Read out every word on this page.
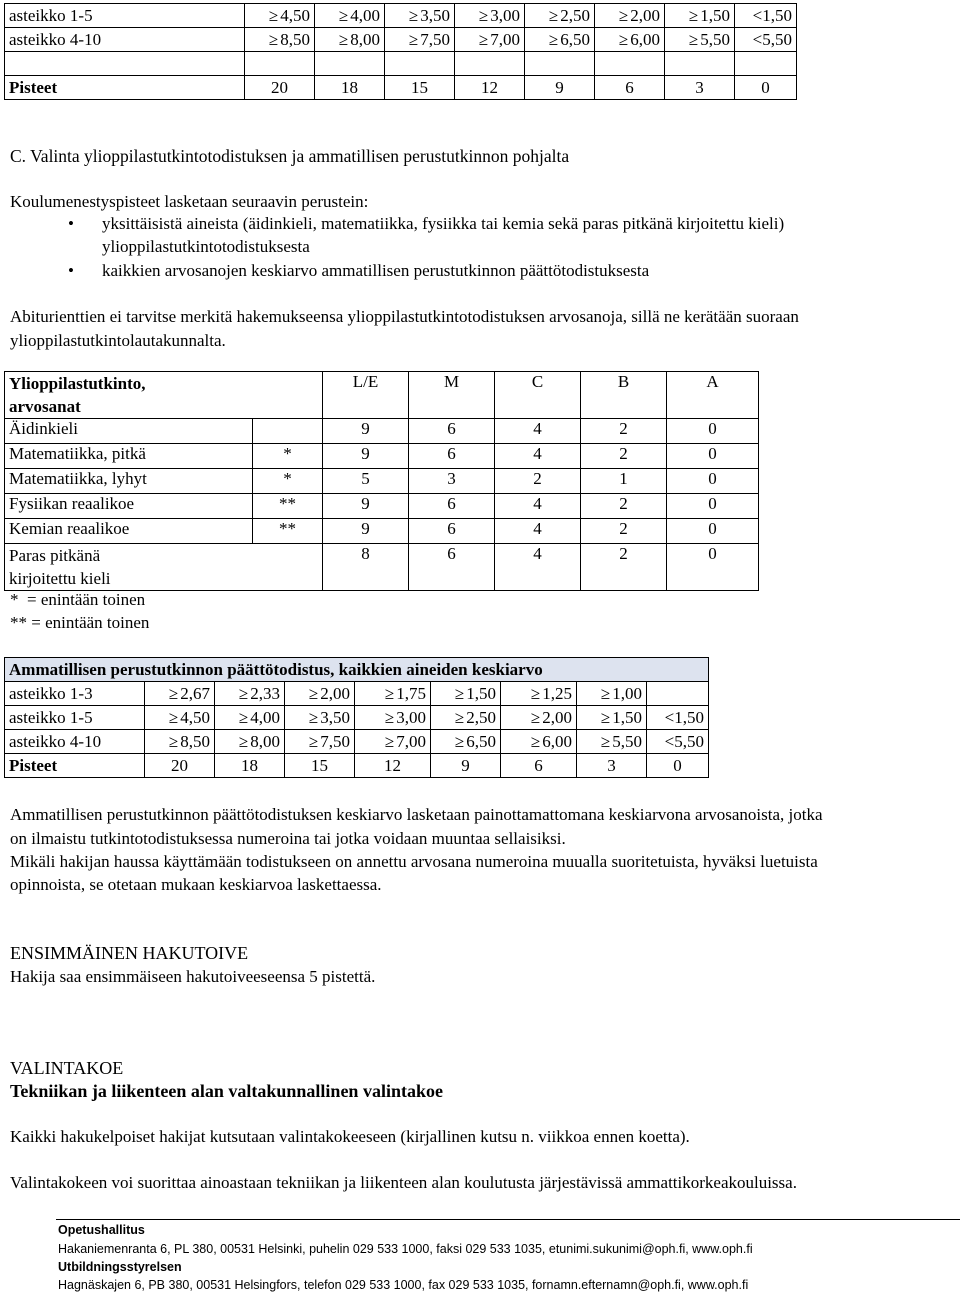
asteikko 1-5	≥ 4,50	≥ 4,00	≥ 3,50	≥ 3,00	≥ 2,50	≥ 2,00	≥ 1,50	<1,50
asteikko 4-10	≥ 8,50	≥ 8,00	≥ 7,50	≥ 7,00	≥ 6,50	≥ 6,00	≥ 5,50	<5,50

Pisteet	20	18	15	12	9	6	3	0
C. Valinta ylioppilastutkintotodistuksen ja ammatillisen perustutkinnon pohjalta
Koulumenestyspisteet lasketaan seuraavin perustein:
• yksittäisistä aineista (äidinkieli, matematiikka, fysiikka tai kemia sekä paras pitkänä kirjoitettu kieli)
ylioppilastutkintotodistuksesta
• kaikkien arvosanojen keskiarvo ammatillisen perustutkinnon päättötodistuksesta
Abiturienttien ei tarvitse merkitä hakemukseensa ylioppilastutkintotodistuksen arvosanoja, sillä ne kerätään suoraan
ylioppilastutkintolautakunnalta.
Ylioppilastutkinto,
arvosanat		L/E	M	C	B	A
Äidinkieli		9	6	4	2	0
Matematiikka, pitkä	*	9	6	4	2	0
Matematiikka, lyhyt	*	5	3	2	1	0
Fysiikan reaalikoe	**	9	6	4	2	0
Kemian reaalikoe	**	9	6	4	2	0

Paras pitkänä
kirjoitettu kieli		8	6	4	2	0
*  = enintään toinen
** = enintään toinen
Ammatillisen perustutkinnon päättötodistus, kaikkien aineiden keskiarvo								
asteikko 1-3	≥ 2,67	≥ 2,33	≥ 2,00	≥ 1,75	≥ 1,50	≥ 1,25	≥ 1,00	
asteikko 1-5	≥ 4,50	≥ 4,00	≥ 3,50	≥ 3,00	≥ 2,50	≥ 2,00	≥ 1,50	<1,50
asteikko 4-10	≥ 8,50	≥ 8,00	≥ 7,50	≥ 7,00	≥ 6,50	≥ 6,00	≥ 5,50	<5,50
Pisteet	20	18	15	12	9	6	3	0
Ammatillisen perustutkinnon päättötodistuksen keskiarvo lasketaan painottamattomana keskiarvona arvosanoista, jotka
on ilmaistu tutkintotodistuksessa numeroina tai jotka voidaan muuntaa sellaisiksi.
Mikäli hakijan haussa käyttämään todistukseen on annettu arvosana numeroina muualla suoritetuista, hyväksi luetuista
opinnoista, se otetaan mukaan keskiarvoa laskettaessa.
ENSIMMÄINEN HAKUTOIVE
Hakija saa ensimmäiseen hakutoiveeseensa 5 pistettä.
VALINTAKOE
Tekniikan ja liikenteen alan valtakunnallinen valintakoe
Kaikki hakukelpoiset hakijat kutsutaan valintakokeeseen (kirjallinen kutsu n. viikkoa ennen koetta).
Valintakokeen voi suorittaa ainoastaan tekniikan ja liikenteen alan koulutusta järjestävissä ammattikorkeakouluissa.
Opetushallitus
Hakaniemenranta 6, PL 380, 00531 Helsinki, puhelin 029 533 1000, faksi 029 533 1035, etunimi.sukunimi@oph.fi, www.oph.fi
Utbildningsstyrelsen
Hagnäskajen 6, PB 380, 00531 Helsingfors, telefon 029 533 1000, fax 029 533 1035, fornamn.efternamn@oph.fi, www.oph.fi
